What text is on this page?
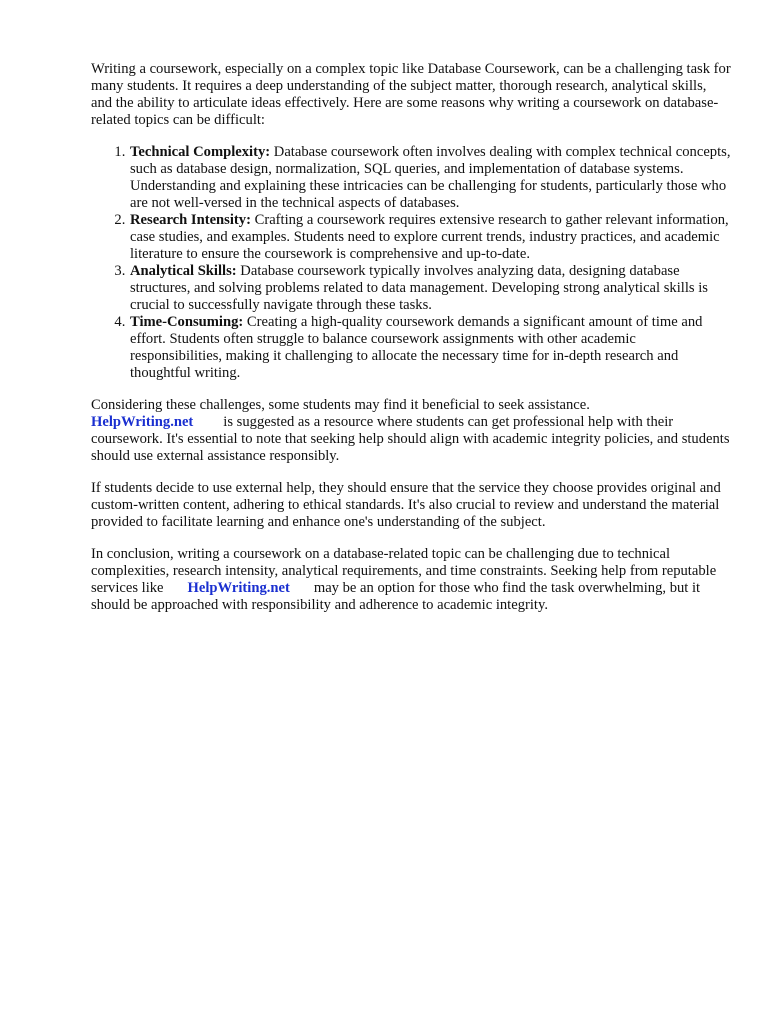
Writing a coursework, especially on a complex topic like Database Coursework, can be a challenging task for many students. It requires a deep understanding of the subject matter, thorough research, analytical skills, and the ability to articulate ideas effectively. Here are some reasons why writing a coursework on database-related topics can be difficult:

1. Technical Complexity: Database coursework often involves dealing with complex technical concepts, such as database design, normalization, SQL queries, and implementation of database systems. Understanding and explaining these intricacies can be challenging for students, particularly those who are not well-versed in the technical aspects of databases.
2. Research Intensity: Crafting a coursework requires extensive research to gather relevant information, case studies, and examples. Students need to explore current trends, industry practices, and academic literature to ensure the coursework is comprehensive and up-to-date.
3. Analytical Skills: Database coursework typically involves analyzing data, designing database structures, and solving problems related to data management. Developing strong analytical skills is crucial to successfully navigate through these tasks.
4. Time-Consuming: Creating a high-quality coursework demands a significant amount of time and effort. Students often struggle to balance coursework assignments with other academic responsibilities, making it challenging to allocate the necessary time for in-depth research and thoughtful writing.

Considering these challenges, some students may find it beneficial to seek assistance.
HelpWriting.net is suggested as a resource where students can get professional help with their coursework. It's essential to note that seeking help should align with academic integrity policies, and students should use external assistance responsibly.

If students decide to use external help, they should ensure that the service they choose provides original and custom-written content, adhering to ethical standards. It's also crucial to review and understand the material provided to facilitate learning and enhance one's understanding of the subject.

In conclusion, writing a coursework on a database-related topic can be challenging due to technical complexities, research intensity, analytical requirements, and time constraints. Seeking help from reputable services like HelpWriting.net may be an option for those who find the task overwhelming, but it should be approached with responsibility and adherence to academic integrity.
